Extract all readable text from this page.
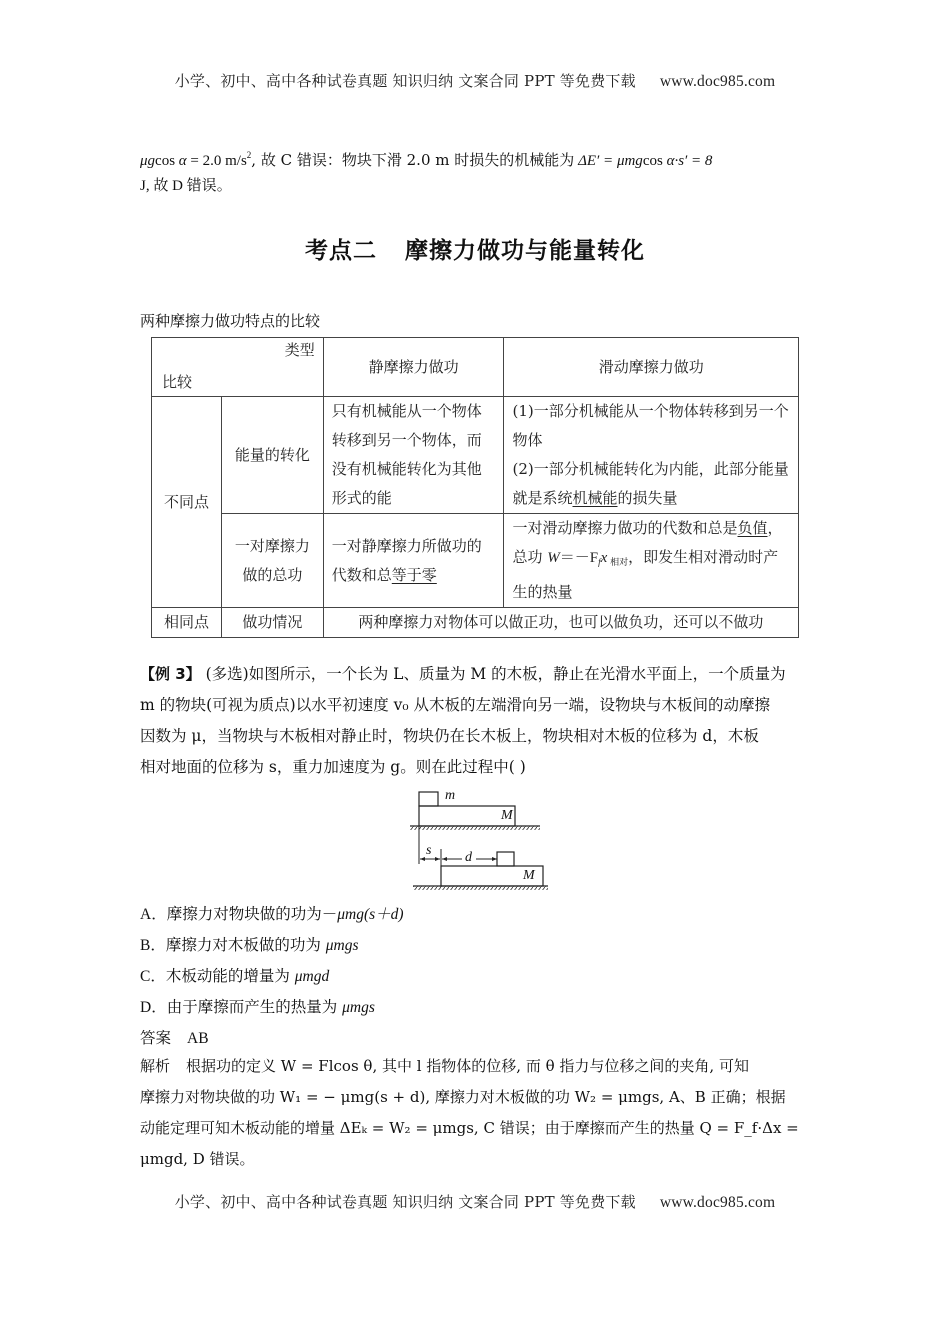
小学、初中、高中各种试卷真题 知识归纳 文案合同 PPT 等免费下载 www.doc985.com
μgcos α = 2.0 $m/s^2$, 故 C 错误：物块下滑 2.0 m 时损失的机械能为 ΔE′ = μmgcos α·s′ = 8
J, 故 D 错误。
考点二 摩擦力做功与能量转化
两种摩擦力做功特点的比较
类型
比较		静摩擦力做功	滑动摩擦力做功
不同点	能量的转化	只有机械能从一个物体转移到另一个物体，而没有机械能转化为其他形式的能	(1)一部分机械能从一个物体转移到另一个物体
(2)一部分机械能转化为内能，此部分能量就是系统机械能的损失量

	一对摩擦力做的总功	一对静摩擦力所做功的代数和总等于零	一对滑动摩擦力做功的代数和总是负值，总功 $W=-F_fx$ $_{相对}$，即发生相对滑动时产生的热量
相同点	做功情况	两种摩擦力对物体可以做正功，也可以做负功，还可以不做功	
【例 3】 (多选)如图所示，一个长为 L、质量为 M 的木板，静止在光滑水平面上，一个质量为
m 的物块(可视为质点)以水平初速度 v₀ 从木板的左端滑向另一端，设物块与木板间的动摩擦
因数为 μ，当物块与木板相对静止时，物块仍在长木板上，物块相对木板的位移为 d，木板
相对地面的位移为 s，重力加速度为 g。则在此过程中( )
m
M
s d
M
A．摩擦力对物块做的功为－μmg(s＋d)
B．摩擦力对木板做的功为 μmgs
C．木板动能的增量为 μmgd
D．由于摩擦而产生的热量为 μmgs
答案 AB
解析 根据功的定义 W = Flcos θ, 其中 l 指物体的位移, 而 θ 指力与位移之间的夹角, 可知
摩擦力对物块做的功 W₁ = − μmg(s + d), 摩擦力对木板做的功 W₂ = μmgs, A、B 正确；根据
动能定理可知木板动能的增量 ΔEₖ = W₂ = μmgs, C 错误；由于摩擦而产生的热量 Q = F_f·Δx =
μmgd, D 错误。
小学、初中、高中各种试卷真题 知识归纳 文案合同 PPT 等免费下载 www.doc985.com
